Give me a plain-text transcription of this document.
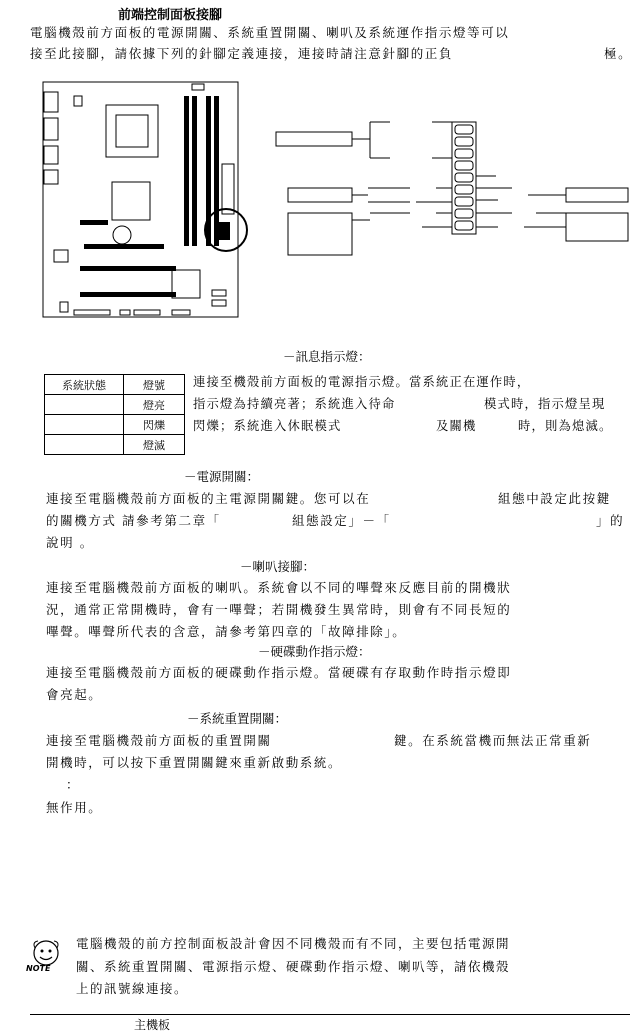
前端控制面板接腳
電腦機殼前方面板的電源開關、系統重置開關、喇叭及系統運作指示燈等可以
接至此接腳，請依據下列的針腳定義連接，連接時請注意針腳的正負	極。
－訊息指示燈：
系統狀態	燈號
	燈亮
	閃爍
	燈滅
連接至機殼前方面板的電源指示燈。當系統正在運作時，
指示燈為持續亮著；系統進入待命	模式時，指示燈呈現
閃爍；系統進入休眠模式	及關機	時，則為熄滅。
－電源開關：
連接至電腦機殼前方面板的主電源開關鍵。您可以在	組態中設定此按鍵
的關機方式 請參考第二章「	組態設定」－「	」的
說明 。
－喇叭接腳：
連接至電腦機殼前方面板的喇叭。系統會以不同的嗶聲來反應目前的開機狀
況，通常正常開機時，會有一嗶聲；若開機發生異常時，則會有不同長短的
嗶聲。嗶聲所代表的含意，請參考第四章的「故障排除」。
－硬碟動作指示燈：
連接至電腦機殼前方面板的硬碟動作指示燈。當硬碟有存取動作時指示燈即
會亮起。
－系統重置開關：
連接至電腦機殼前方面板的重置開關	鍵。在系統當機而無法正常重新
開機時，可以按下重置開關鍵來重新啟動系統。
：
無作用。
NOTE
電腦機殼的前方控制面板設計會因不同機殼而有不同，主要包括電源開
關、系統重置開關、電源指示燈、硬碟動作指示燈、喇叭等，請依機殼
上的訊號線連接。
主機板
